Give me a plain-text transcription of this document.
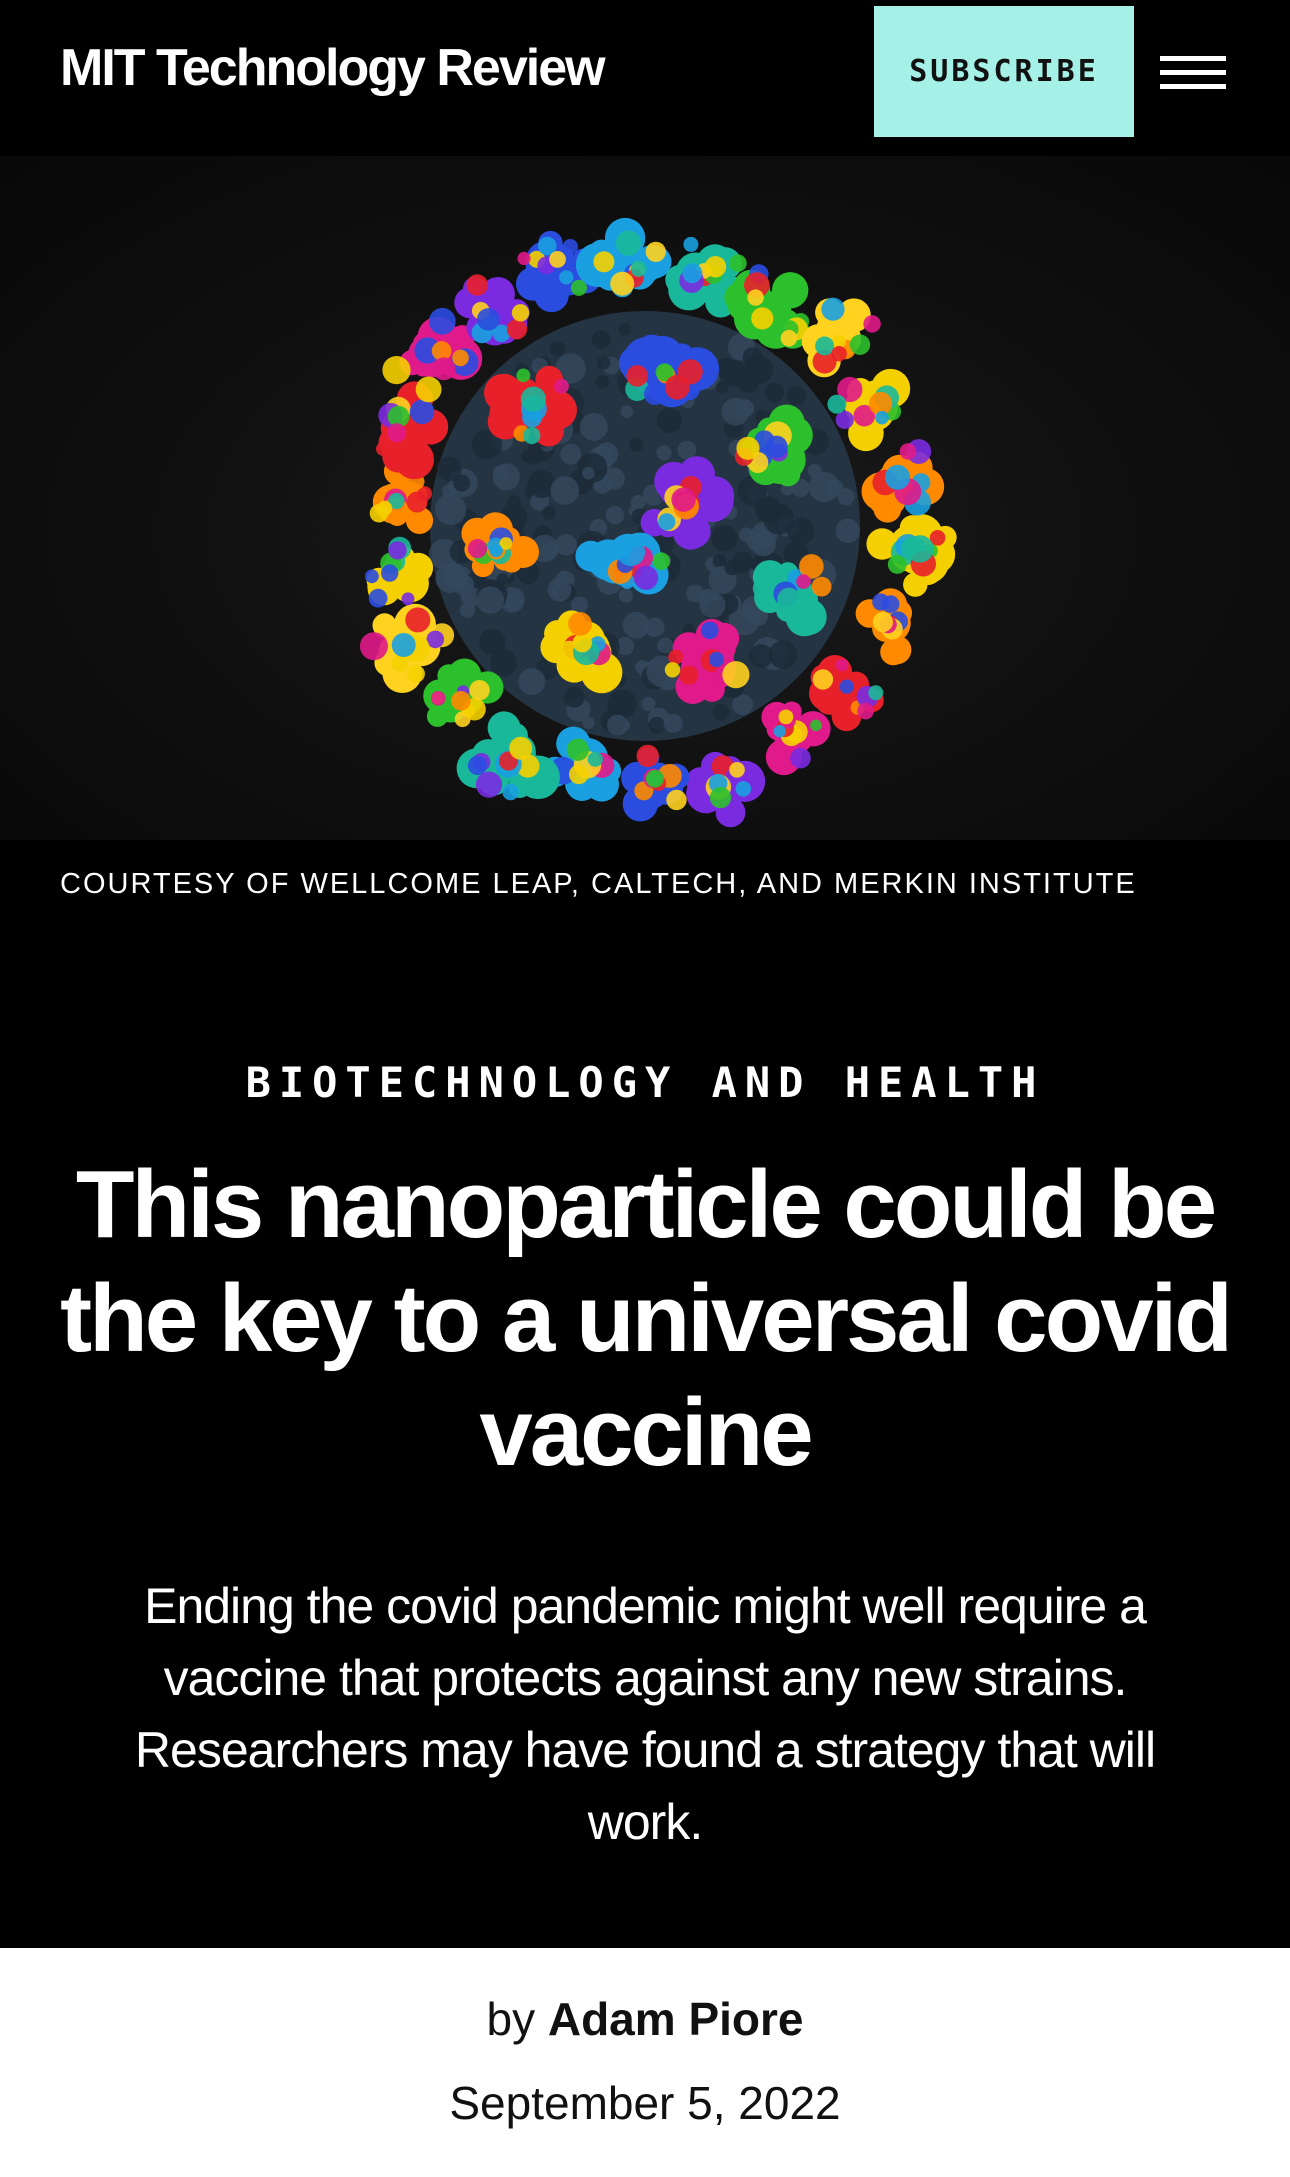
MIT Technology Review	SUBSCRIBE
COURTESY OF WELLCOME LEAP, CALTECH, AND MERKIN INSTITUTE
BIOTECHNOLOGY AND HEALTH
This nanoparticle could be the key to a universal covid vaccine

Ending the covid pandemic might well require a vaccine that protects against any new strains. Researchers may have found a strategy that will work.

by Adam Piore
September 5, 2022
